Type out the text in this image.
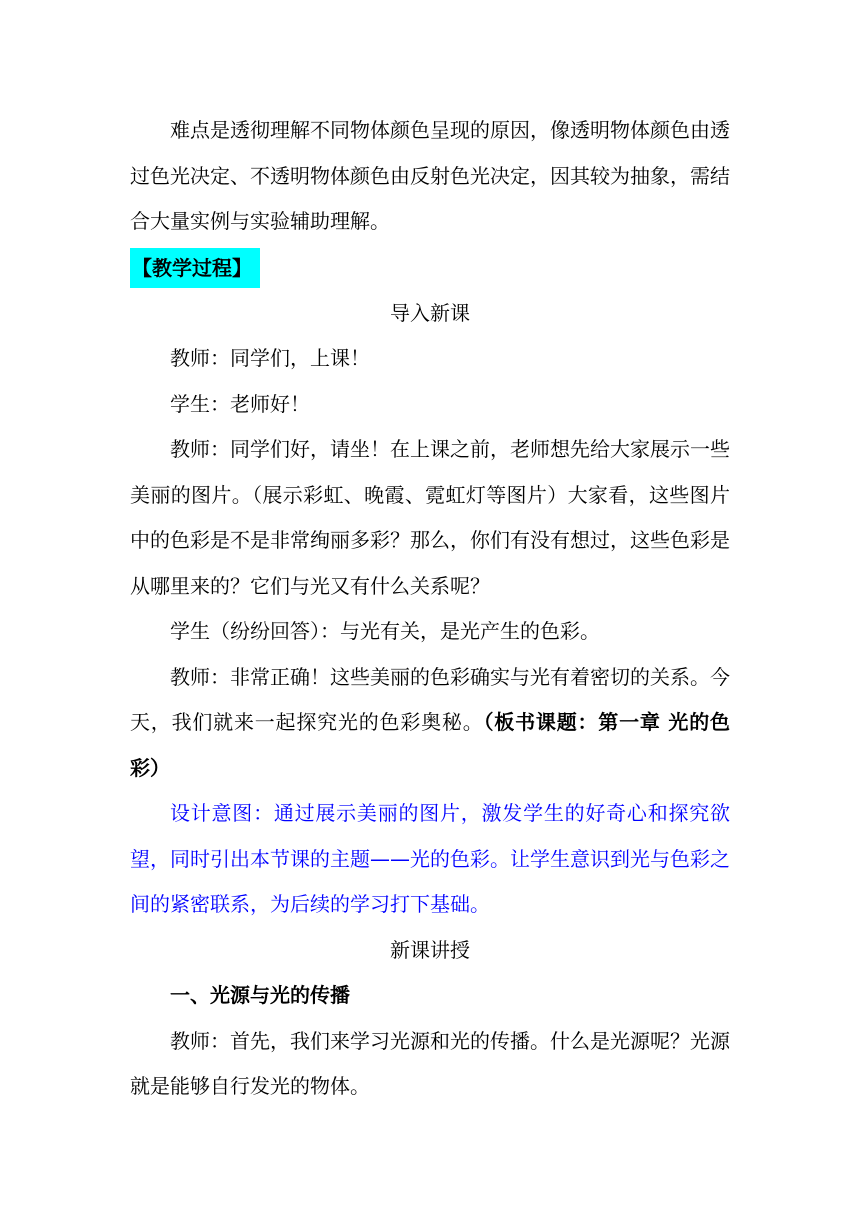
难点是透彻理解不同物体颜色呈现的原因，像透明物体颜色由透过色光决定、不透明物体颜色由反射色光决定，因其较为抽象，需结合大量实例与实验辅助理解。

【教学过程】

导入新课

教师：同学们，上课！

学生：老师好！

教师：同学们好，请坐！在上课之前，老师想先给大家展示一些美丽的图片。（展示彩虹、晚霞、霓虹灯等图片）大家看，这些图片中的色彩是不是非常绚丽多彩？那么，你们有没有想过，这些色彩是从哪里来的？它们与光又有什么关系呢？

学生（纷纷回答）：与光有关，是光产生的色彩。

教师：非常正确！这些美丽的色彩确实与光有着密切的关系。今天，我们就来一起探究光的色彩奥秘。（板书课题：第一章 光的色彩）

设计意图：通过展示美丽的图片，激发学生的好奇心和探究欲望，同时引出本节课的主题——光的色彩。让学生意识到光与色彩之间的紧密联系，为后续的学习打下基础。

新课讲授

一、光源与光的传播

教师：首先，我们来学习光源和光的传播。什么是光源呢？光源就是能够自行发光的物体。
